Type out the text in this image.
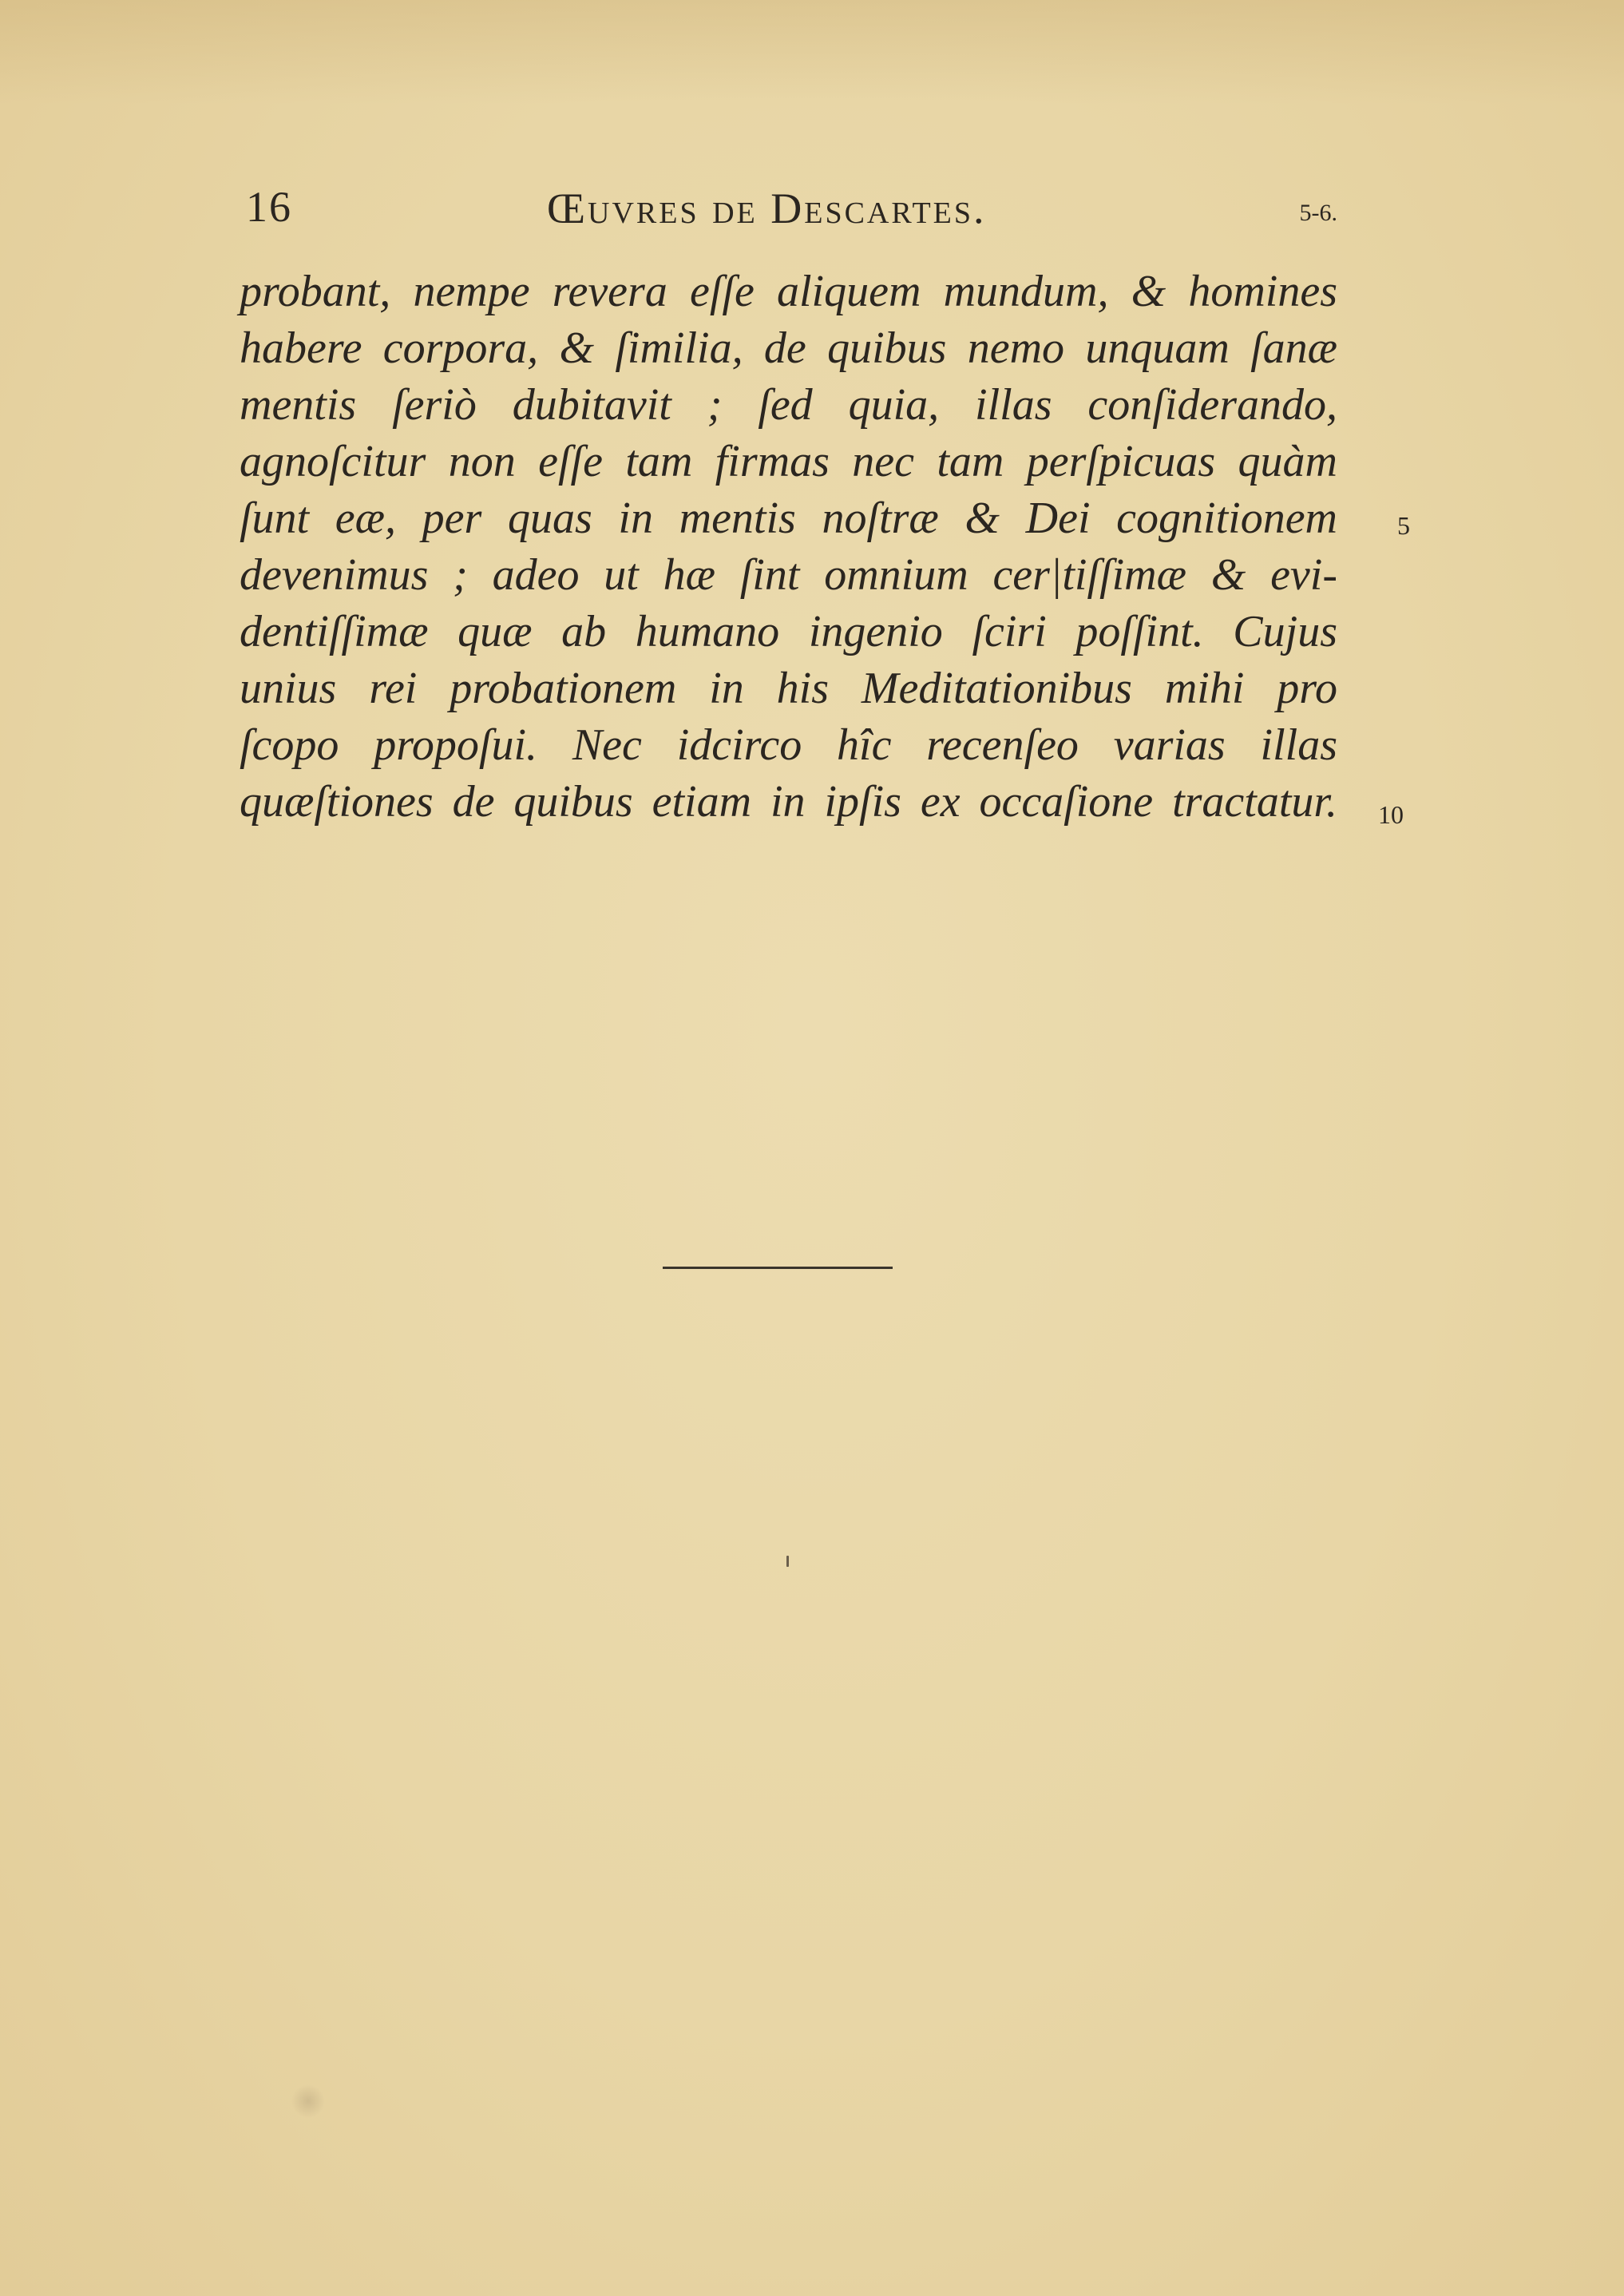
16	Œuvres de Descartes.	5-6.
probant, nempe revera eſſe aliquem mundum, & homines
habere corpora, & ſimilia, de quibus nemo unquam ſanæ
mentis ſeriò dubitavit ; ſed quia, illas conſiderando,
agnoſcitur non eſſe tam firmas nec tam perſpicuas quàm
ſunt eæ, per quas in mentis noſtræ & Dei cognitionem
devenimus ; adeo ut hæ ſint omnium cer|tiſſimæ & evi-
dentiſſimæ quæ ab humano ingenio ſciri poſſint. Cujus
unius rei probationem in his Meditationibus mihi pro
ſcopo propoſui. Nec idcirco hîc recenſeo varias illas
quæſtiones de quibus etiam in ipſis ex occaſione tractatur.
5
10
